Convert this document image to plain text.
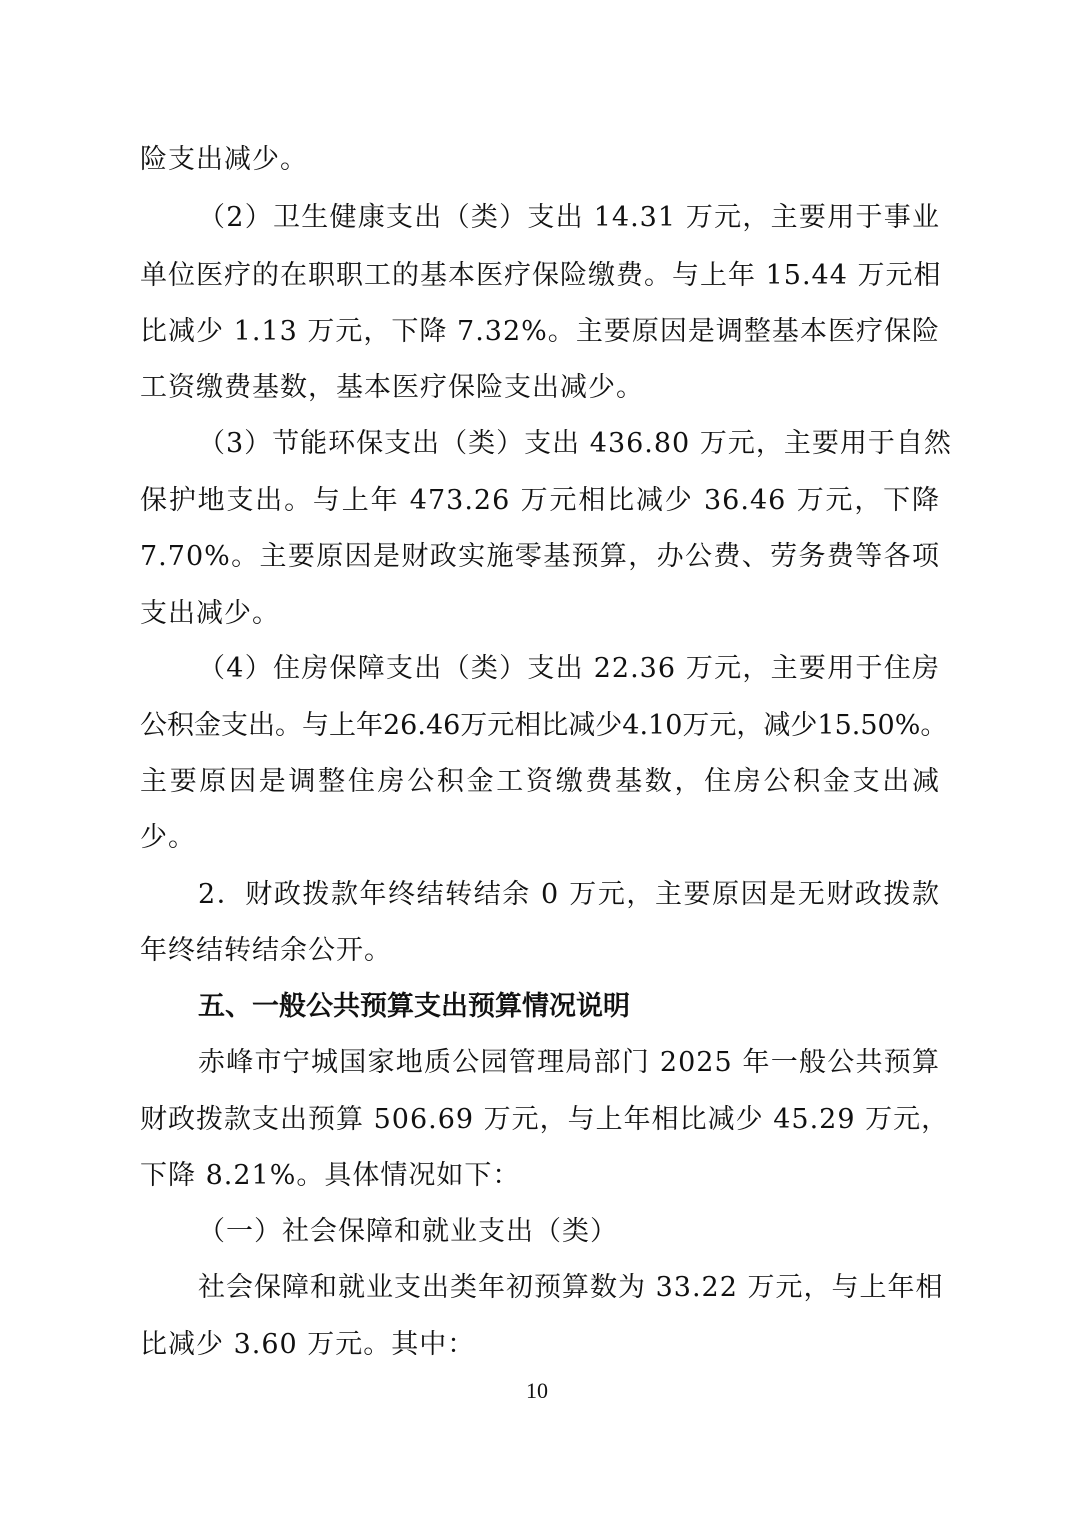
险支出减少。
（2）卫生健康支出（类）支出 14.31 万元，主要用于事业
单位医疗的在职职工的基本医疗保险缴费。与上年 15.44 万元相
比减少 1.13 万元，下降 7.32%。主要原因是调整基本医疗保险
工资缴费基数，基本医疗保险支出减少。
（3）节能环保支出（类）支出 436.80 万元，主要用于自然
保护地支出。与上年 473.26 万元相比减少 36.46 万元，下降
7.70%。主要原因是财政实施零基预算，办公费、劳务费等各项
支出减少。
（4）住房保障支出（类）支出 22.36 万元，主要用于住房
公积金支出。与上年26.46万元相比减少4.10万元，减少15.50%。
主要原因是调整住房公积金工资缴费基数，住房公积金支出减
少。
2．财政拨款年终结转结余 0 万元，主要原因是无财政拨款
年终结转结余公开。
五、一般公共预算支出预算情况说明
赤峰市宁城国家地质公园管理局部门 2025 年一般公共预算
财政拨款支出预算 506.69 万元，与上年相比减少 45.29 万元，
下降 8.21%。具体情况如下：
（一）社会保障和就业支出（类）
社会保障和就业支出类年初预算数为 33.22 万元，与上年相
比减少 3.60 万元。其中：
10
